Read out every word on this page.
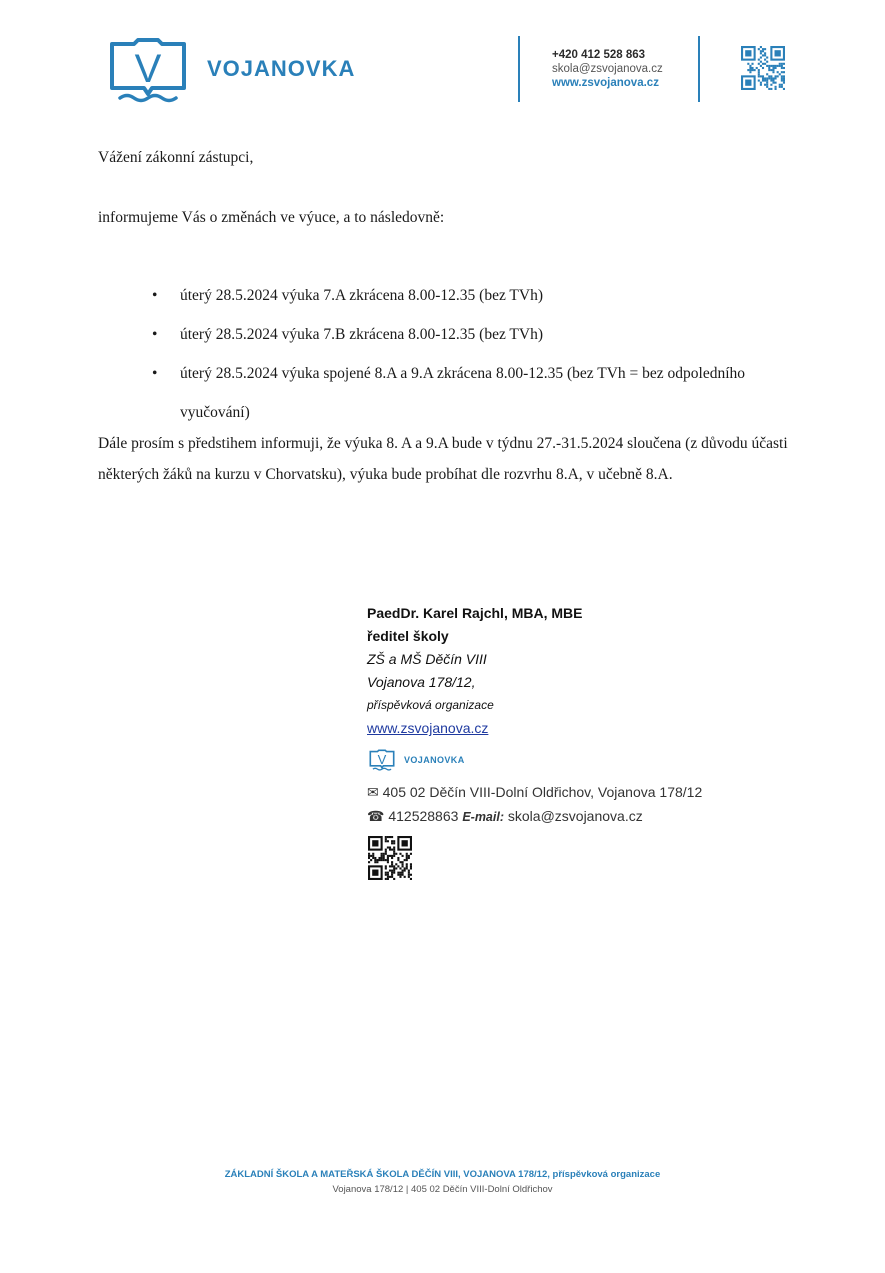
V VOJANOVKA
+420 412 528 863
skola@zsvojanova.cz
www.zsvojanova.cz
Vážení zákonní zástupci,
informujeme Vás o změnách ve výuce, a to následovně:
• úterý 28.5.2024 výuka 7.A zkrácena 8.00-12.35 (bez TVh)
• úterý 28.5.2024 výuka 7.B zkrácena 8.00-12.35 (bez TVh)
• úterý 28.5.2024 výuka spojené 8.A a 9.A zkrácena 8.00-12.35 (bez TVh = bez odpoledního vyučování)
Dále prosím s předstihem informuji, že výuka 8. A a 9.A bude v týdnu 27.-31.5.2024 sloučena (z důvodu účasti některých žáků na kurzu v Chorvatsku), výuka bude probíhat dle rozvrhu 8.A, v učebně 8.A.
PaedDr. Karel Rajchl, MBA, MBE
ředitel školy
ZŠ a MŠ Děčín VIII
Vojanova 178/12,
příspěvková organizace
www.zsvojanova.cz
V VOJANOVKA
✉ 405 02 Děčín VIII-Dolní Oldřichov, Vojanova 178/12
☎ 412528863 E-mail: skola@zsvojanova.cz
ZÁKLADNÍ ŠKOLA A MATEŘSKÁ ŠKOLA DĚČÍN VIII, VOJANOVA 178/12, příspěvková organizace
Vojanova 178/12 | 405 02 Děčín VIII-Dolní Oldřichov
